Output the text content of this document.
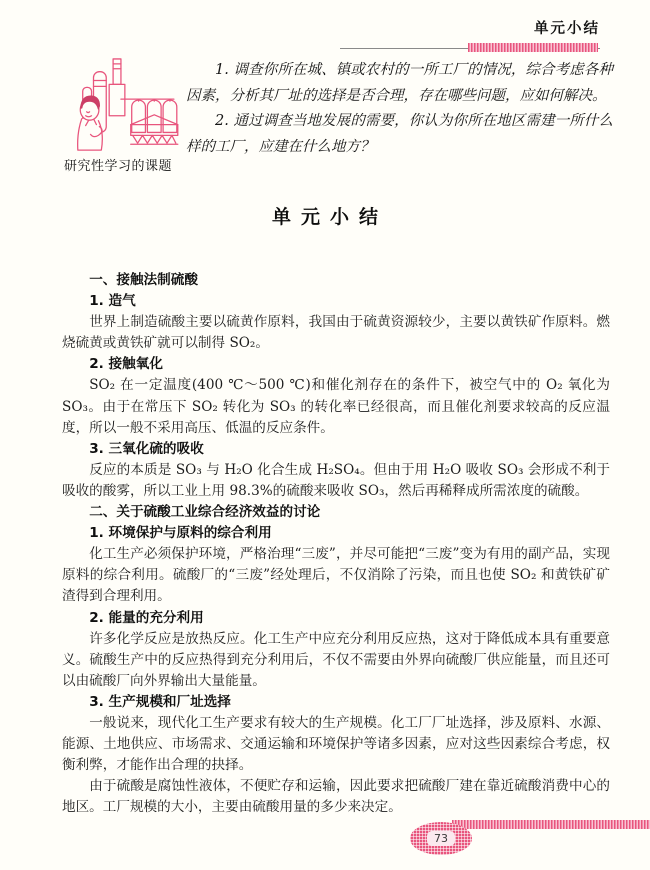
单元小结
研究性学习的课题
1. 调查你所在城、镇或农村的一所工厂的情况，综合考虑各种因素，分析其厂址的选择是否合理，存在哪些问题，应如何解决。
2. 通过调查当地发展的需要，你认为你所在地区需建一所什么样的工厂，应建在什么地方？
单元小结
一、接触法制硫酸
1. 造气
世界上制造硫酸主要以硫黄作原料，我国由于硫黄资源较少，主要以黄铁矿作原料。燃烧硫黄或黄铁矿就可以制得 SO₂。
2. 接触氧化
SO₂ 在一定温度(400 ℃～500 ℃)和催化剂存在的条件下，被空气中的 O₂ 氧化为 SO₃。由于在常压下 SO₂ 转化为 SO₃ 的转化率已经很高，而且催化剂要求较高的反应温度，所以一般不采用高压、低温的反应条件。
3. 三氧化硫的吸收
反应的本质是 SO₃ 与 H₂O 化合生成 H₂SO₄。但由于用 H₂O 吸收 SO₃ 会形成不利于吸收的酸雾，所以工业上用 98.3%的硫酸来吸收 SO₃，然后再稀释成所需浓度的硫酸。
二、关于硫酸工业综合经济效益的讨论
1. 环境保护与原料的综合利用
化工生产必须保护环境，严格治理“三废”，并尽可能把“三废”变为有用的副产品，实现原料的综合利用。硫酸厂的“三废”经处理后，不仅消除了污染，而且也使 SO₂ 和黄铁矿矿渣得到合理利用。
2. 能量的充分利用
许多化学反应是放热反应。化工生产中应充分利用反应热，这对于降低成本具有重要意义。硫酸生产中的反应热得到充分利用后，不仅不需要由外界向硫酸厂供应能量，而且还可以由硫酸厂向外界输出大量能量。
3. 生产规模和厂址选择
一般说来，现代化工生产要求有较大的生产规模。化工厂厂址选择，涉及原料、水源、能源、土地供应、市场需求、交通运输和环境保护等诸多因素，应对这些因素综合考虑，权衡利弊，才能作出合理的抉择。
由于硫酸是腐蚀性液体，不便贮存和运输，因此要求把硫酸厂建在靠近硫酸消费中心的地区。工厂规模的大小，主要由硫酸用量的多少来决定。
73
